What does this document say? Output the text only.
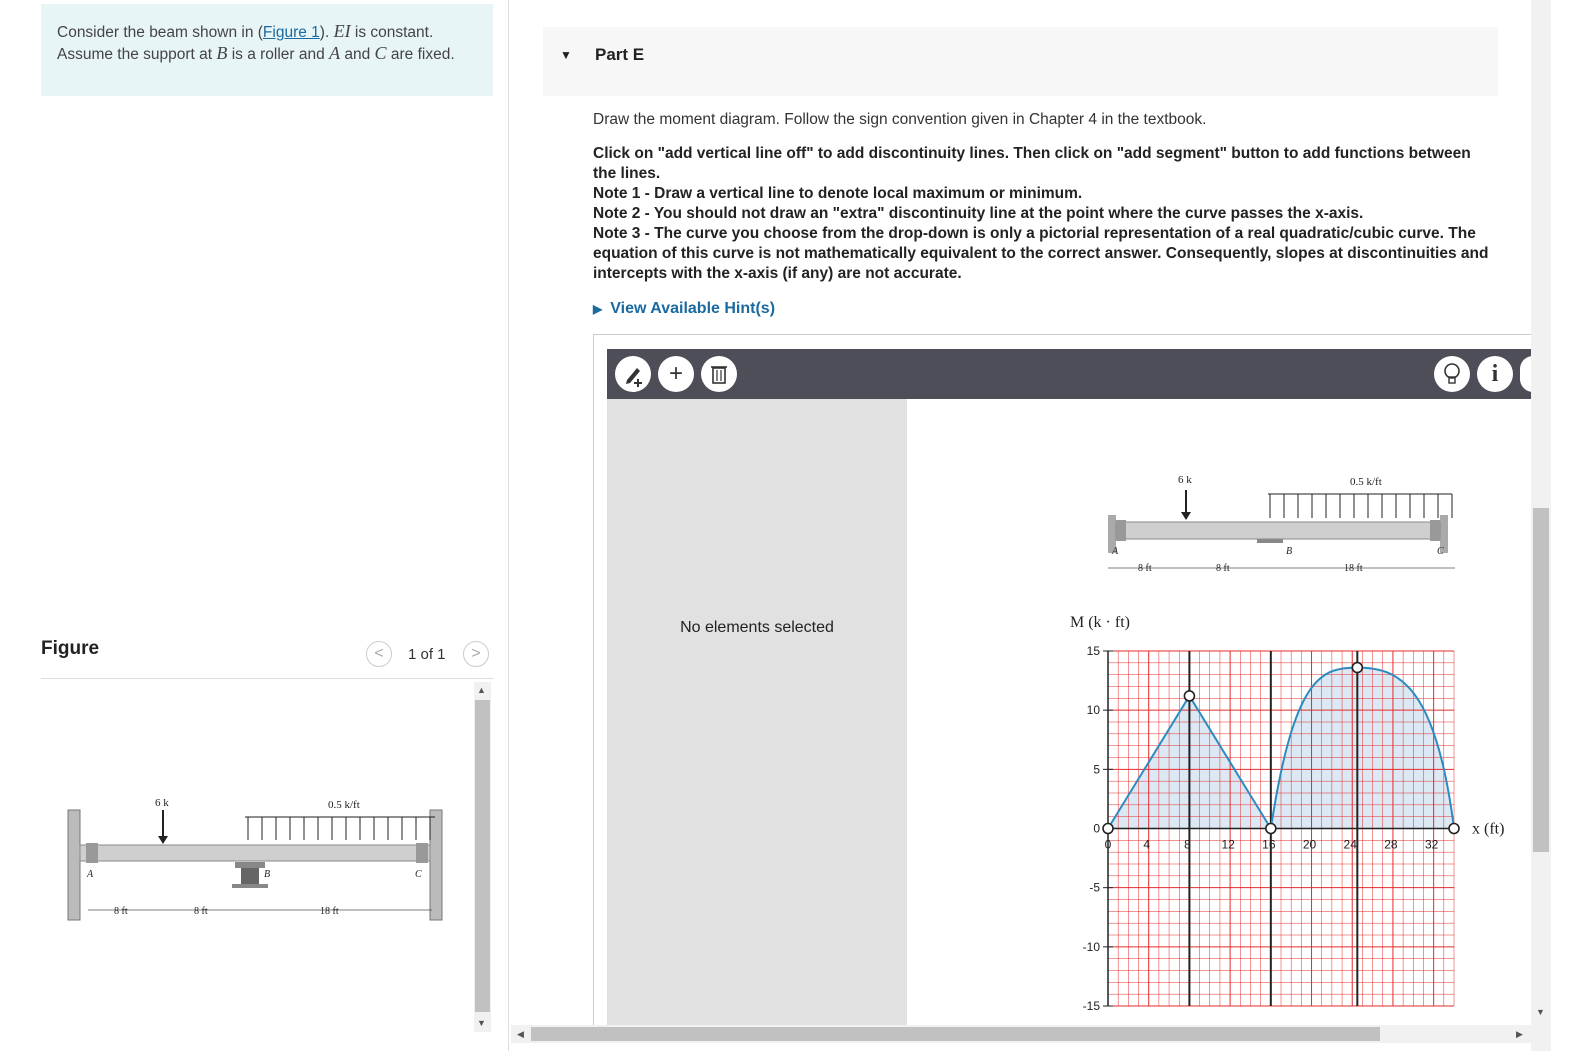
Consider the beam shown in (Figure 1). EI is constant. Assume the support at B is a roller and A and C are fixed.
Figure	<	1 of 1	>
6 k	0.5 k/ft
A	B	C
8 ft	8 ft	18 ft
▲
▼
▼ Part E
Draw the moment diagram. Follow the sign convention given in Chapter 4 in the textbook.
Click on "add vertical line off" to add discontinuity lines. Then click on "add segment" button to add functions between the lines.
Note 1 - Draw a vertical line to denote local maximum or minimum.
Note 2 - You should not draw an "extra" discontinuity line at the point where the curve passes the x-axis.
Note 3 - The curve you choose from the drop-down is only a pictorial representation of a real quadratic/cubic curve. The equation of this curve is not mathematically equivalent to the correct answer. Consequently, slopes at discontinuities and intercepts with the x-axis (if any) are not accurate.
▶ View Available Hint(s)
+	i
No elements selected
6 k	0.5 k/ft
A	B	C
8 ft	8 ft	18 ft
15
10
5
0
-5
-10
-15
0	4	8	12 16 20 24 28 32
M (k · ft)
x (ft)
◀	▶
▼
